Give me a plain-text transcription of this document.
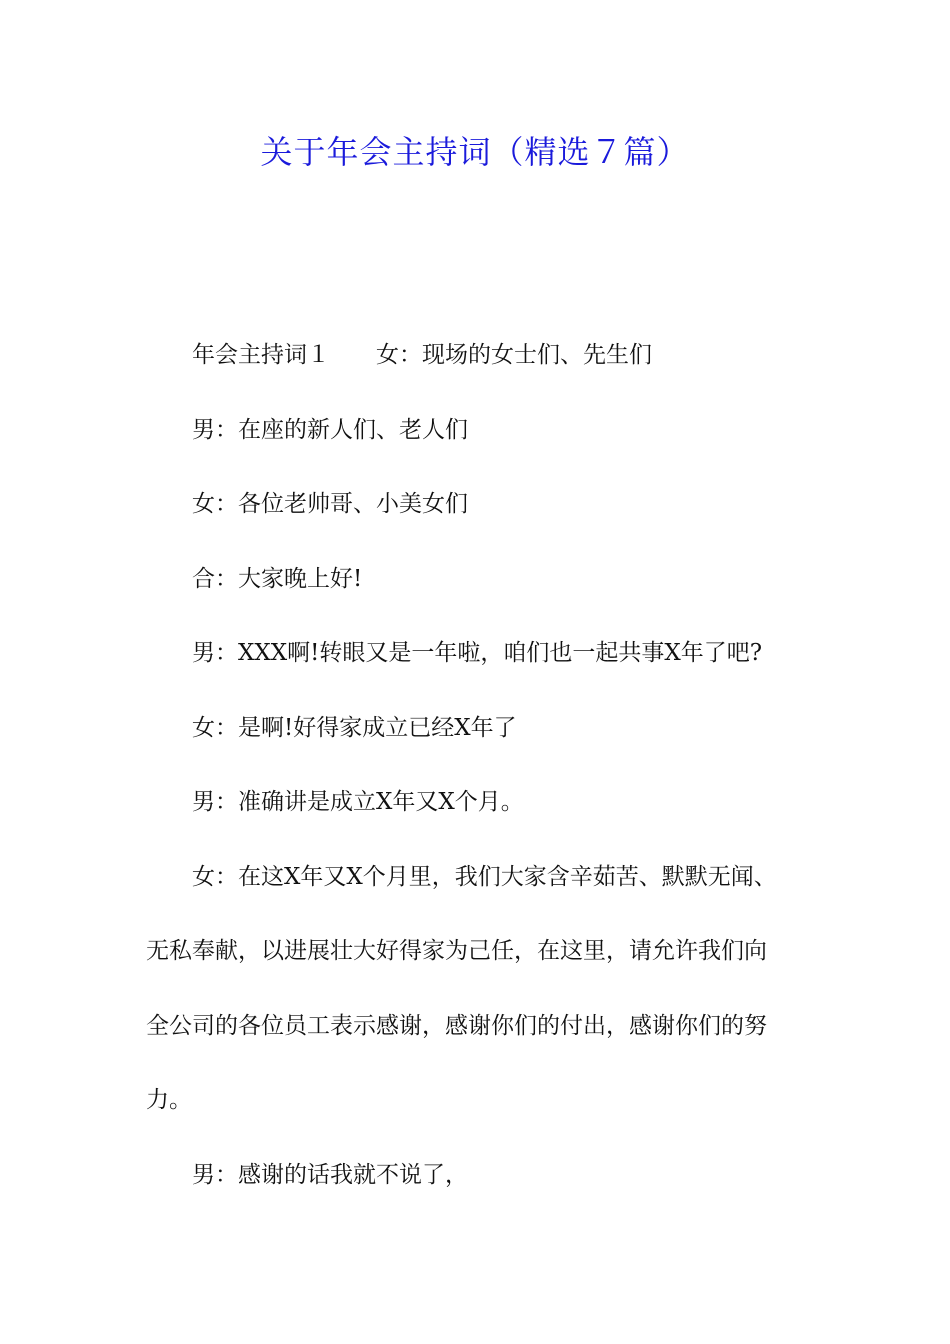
关于年会主持词（精选７篇）

年会主持词１ 女：现场的女士们、先生们

男：在座的新人们、老人们

女：各位老帅哥、小美女们

合：大家晚上好!

男：XXX啊!转眼又是一年啦，咱们也一起共事X年了吧?

女：是啊!好得家成立已经X年了

男：准确讲是成立X年又X个月。

女：在这X年又X个月里，我们大家含辛茹苦、默默无闻、
无私奉献，以进展壮大好得家为己任，在这里，请允许我们向
全公司的各位员工表示感谢，感谢你们的付出，感谢你们的努
力。

男：感谢的话我就不说了，
